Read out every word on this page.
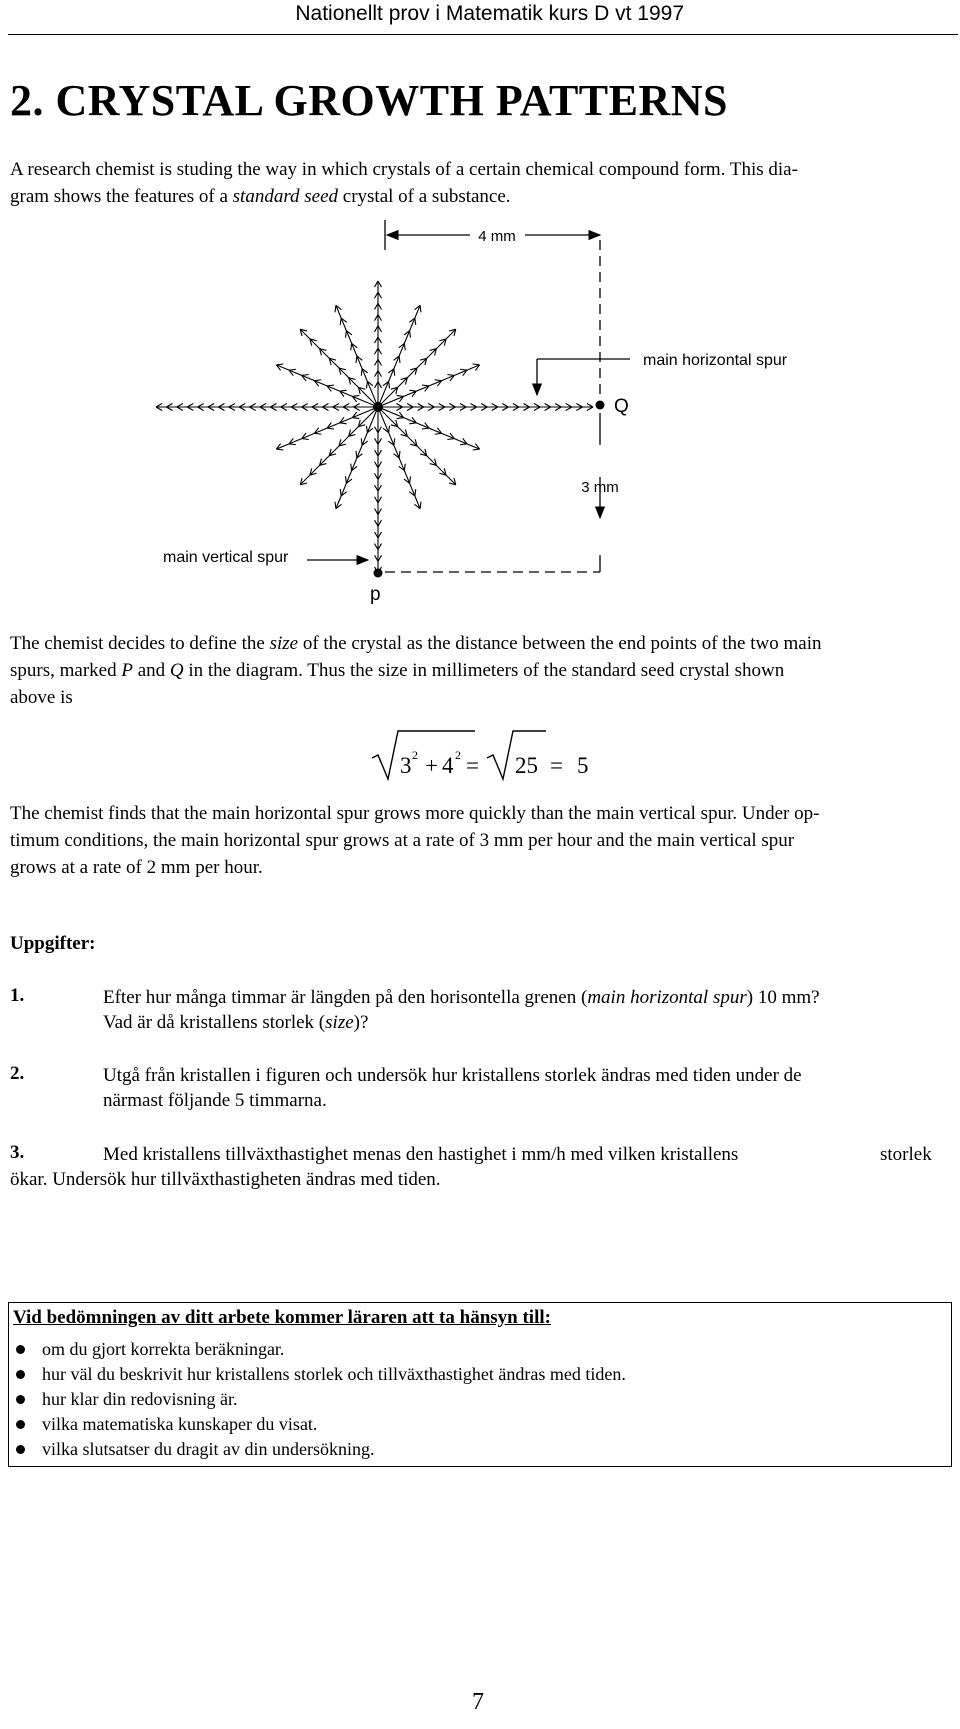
Nationellt prov i Matematik kurs D vt 1997
2. CRYSTAL GROWTH PATTERNS
A research chemist is studing the way in which crystals of a certain chemical compound form. This dia-
gram shows the features of a standard seed crystal of a substance.
4 mm
main horizontal spur
Q
3 mm
main vertical spur
p
The chemist decides to define the size of the crystal as the distance between the end points of the two main
spurs, marked P and Q in the diagram. Thus the size in millimeters of the standard seed crystal shown
above is
3 2 + 4 2 = 25 = 5
The chemist finds that the main horizontal spur grows more quickly than the main vertical spur. Under op-
timum conditions, the main horizontal spur grows at a rate of 3 mm per hour and the main vertical spur
grows at a rate of 2 mm per hour.
Uppgifter:
1.	Efter hur många timmar är längden på den horisontella grenen (main horizontal spur) 10 mm?
Vad är då kristallens storlek (size)?
2.	Utgå från kristallen i figuren och undersök hur kristallens storlek ändras med tiden under de
närmast följande 5 timmarna.
3.	Med kristallens tillväxthastighet menas den hastighet i mm/h med vilken kristallens	storlek
ökar. Undersök hur tillväxthastigheten ändras med tiden.
Vid bedömningen av ditt arbete kommer läraren att ta hänsyn till:
om du gjort korrekta beräkningar.
hur väl du beskrivit hur kristallens storlek och tillväxthastighet ändras med tiden.
hur klar din redovisning är.
vilka matematiska kunskaper du visat.
vilka slutsatser du dragit av din undersökning.
7
